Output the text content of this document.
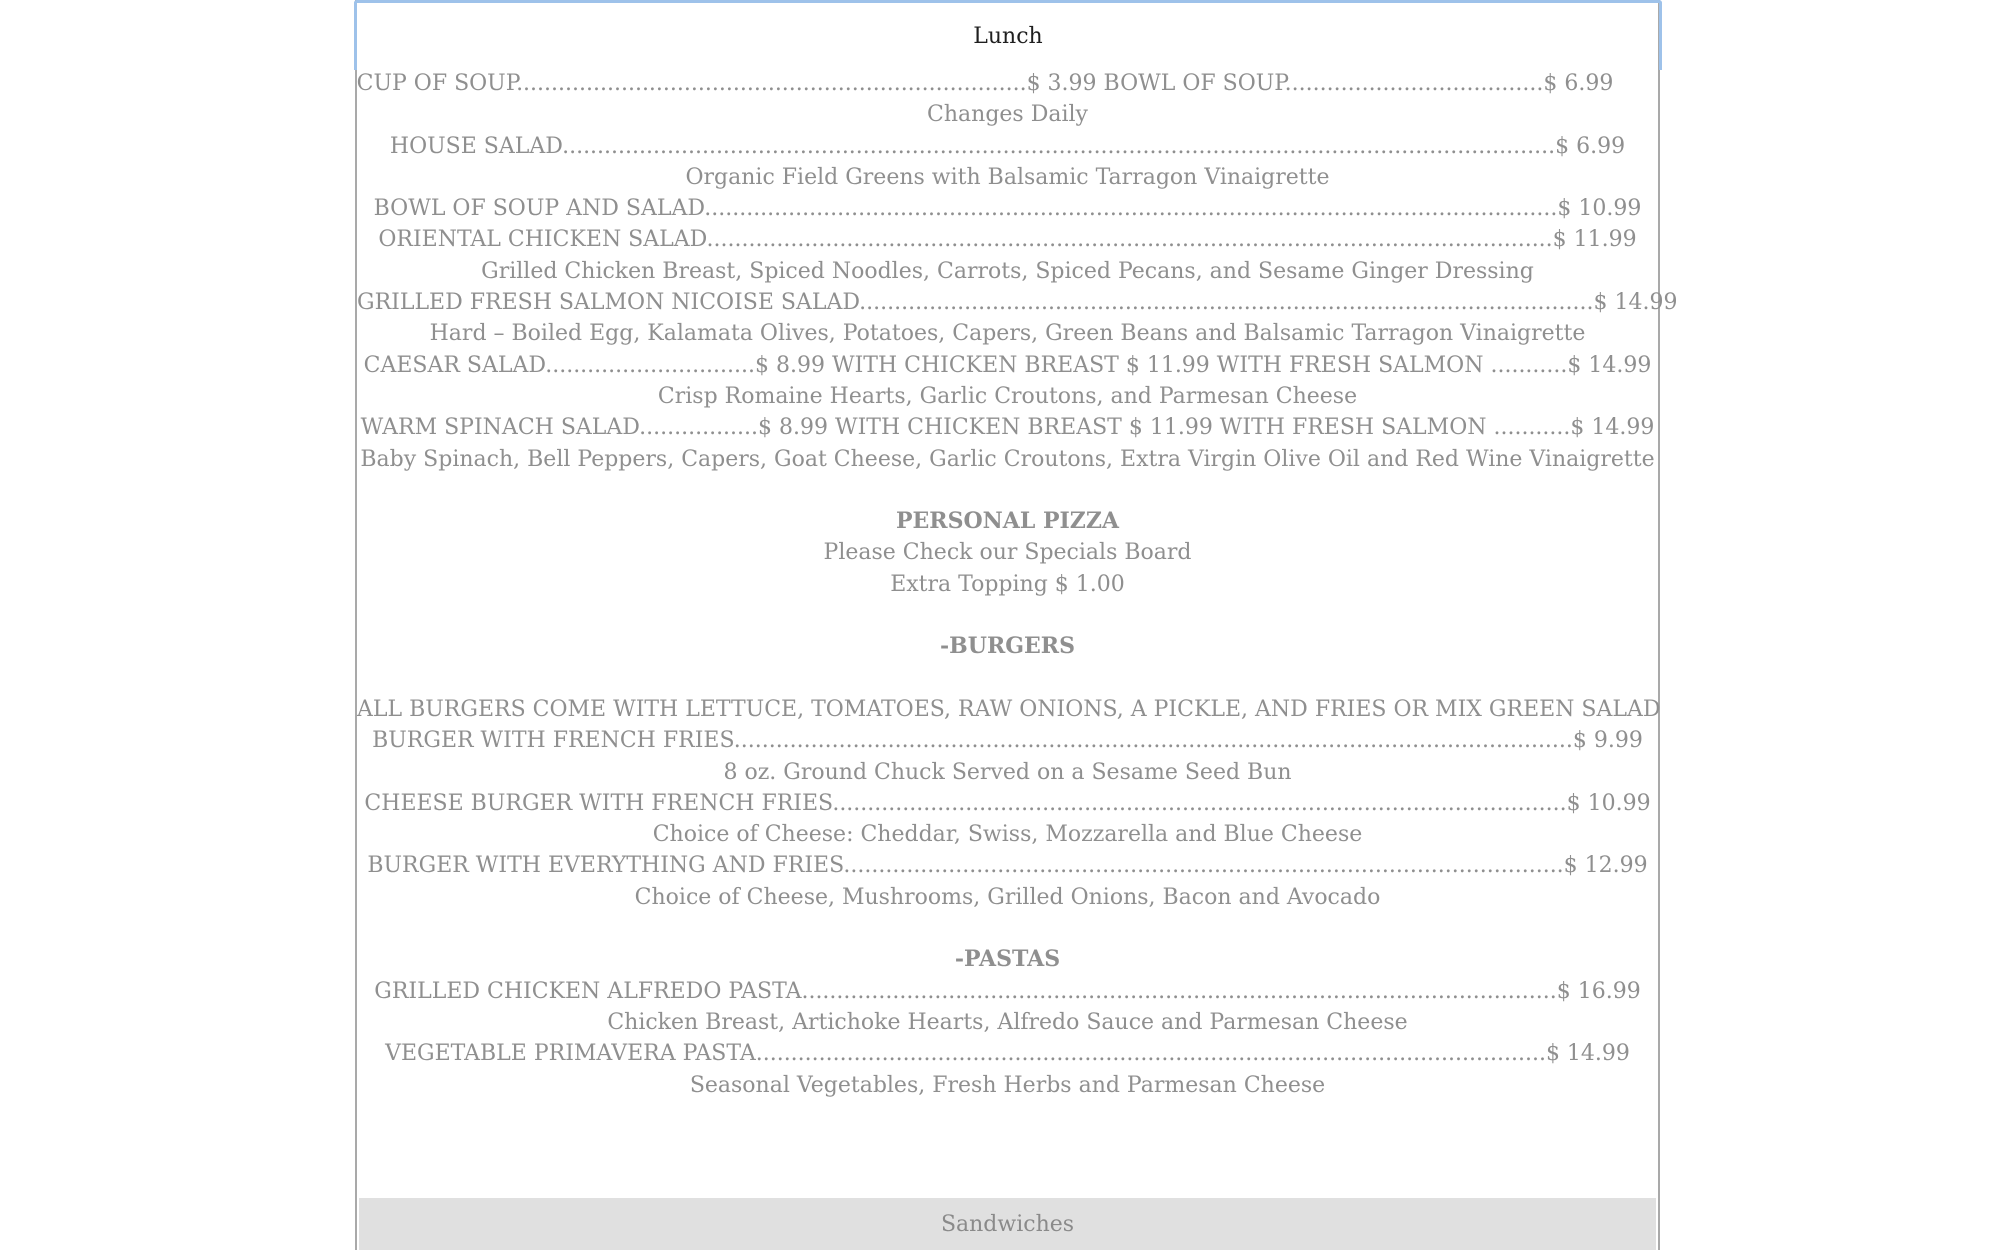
Lunch

CUP OF SOUP.........................................................................$ 3.99 BOWL OF SOUP.....................................$ 6.99

Changes Daily

HOUSE SALAD..............................................................................................................................................$ 6.99

Organic Field Greens with Balsamic Tarragon Vinaigrette

BOWL OF SOUP AND SALAD..........................................................................................................................$ 10.99

ORIENTAL CHICKEN SALAD.........................................................................................................................$ 11.99

Grilled Chicken Breast, Spiced Noodles, Carrots, Spiced Pecans, and Sesame Ginger Dressing

GRILLED FRESH SALMON NICOISE SALAD.........................................................................................................$ 14.99

Hard – Boiled Egg, Kalamata Olives, Potatoes, Capers, Green Beans and Balsamic Tarragon Vinaigrette

CAESAR SALAD..............................$ 8.99 WITH CHICKEN BREAST $ 11.99 WITH FRESH SALMON ...........$ 14.99

Crisp Romaine Hearts, Garlic Croutons, and Parmesan Cheese

WARM SPINACH SALAD.................$ 8.99 WITH CHICKEN BREAST $ 11.99 WITH FRESH SALMON ...........$ 14.99

Baby Spinach, Bell Peppers, Capers, Goat Cheese, Garlic Croutons, Extra Virgin Olive Oil and Red Wine Vinaigrette

PERSONAL PIZZA

Please Check our Specials Board

Extra Topping $ 1.00

-BURGERS

ALL BURGERS COME WITH LETTUCE, TOMATOES, RAW ONIONS, A PICKLE, AND FRIES OR MIX GREEN SALAD

BURGER WITH FRENCH FRIES........................................................................................................................$ 9.99

8 oz. Ground Chuck Served on a Sesame Seed Bun

CHEESE BURGER WITH FRENCH FRIES.........................................................................................................$ 10.99

Choice of Cheese: Cheddar, Swiss, Mozzarella and Blue Cheese

BURGER WITH EVERYTHING AND FRIES.......................................................................................................$ 12.99

Choice of Cheese, Mushrooms, Grilled Onions, Bacon and Avocado

-PASTAS

GRILLED CHICKEN ALFREDO PASTA............................................................................................................$ 16.99

Chicken Breast, Artichoke Hearts, Alfredo Sauce and Parmesan Cheese

VEGETABLE PRIMAVERA PASTA.................................................................................................................$ 14.99

Seasonal Vegetables, Fresh Herbs and Parmesan Cheese

Sandwiches
